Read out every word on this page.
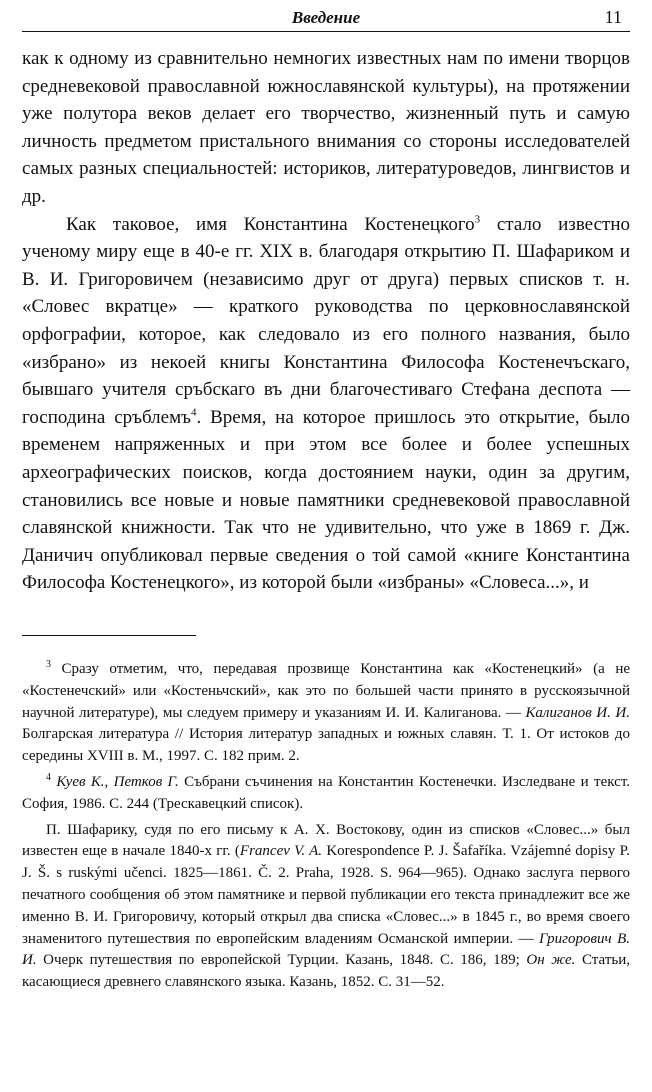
Введение	11

как к одному из сравнительно немногих известных нам по имени творцов средневековой православной южнославянской культуры), на протяжении уже полутора веков делает его творчество, жизненный путь и самую личность предметом пристального внимания со стороны исследователей самых разных специальностей: историков, литературоведов, лингвистов и др.

Как таковое, имя Константина Костенецкого$^3$ стало известно ученому миру еще в 40-е гг. XIX в. благодаря открытию П. Шафариком и В. И. Григоровичем (независимо друг от друга) первых списков т. н. «Словес вкратце» — краткого руководства по церковнославянской орфографии, которое, как следовало из его полного названия, было «избрано» из некоей книгы Константина Философа Костенечъскаго, бывшаго учителя сръбскаго въ дни благочестиваго Стефана деспота — господина сръблемъ$^4$. Время, на которое пришлось это открытие, было временем напряженных и при этом все более и более успешных археографических поисков, когда достоянием науки, один за другим, становились все новые и новые памятники средневековой православной славянской книжности. Так что не удивительно, что уже в 1869 г. Дж. Даничич опубликовал первые сведения о той самой «книге Константина Философа Костенецкого», из которой были «избраны» «Словеса...», и

$^3$ Сразу отметим, что, передавая прозвище Константина как «Костенецкий» (а не «Костенечский» или «Костеньчский», как это по большей части принято в русскоязычной научной литературе), мы следуем примеру и указаниям И. И. Калиганова. — Калиганов И. И. Болгарская литература // История литератур западных и южных славян. Т. 1. От истоков до середины XVIII в. М., 1997. С. 182 прим. 2.

$^4$ Куев К., Петков Г. Събрани съчинения на Константин Костенечки. Изследване и текст. София, 1986. С. 244 (Трескавецкий список).

П. Шафарику, судя по его письму к А. Х. Востокову, один из списков «Словес...» был известен еще в начале 1840-х гг. (Francev V. A. Korespondence P. J. Šafaříka. Vzájemné dopisy P. J. Š. s ruskými učenci. 1825—1861. Č. 2. Praha, 1928. S. 964—965). Однако заслуга первого печатного сообщения об этом памятнике и первой публикации его текста принадлежит все же именно В. И. Григоровичу, который открыл два списка «Словес...» в 1845 г., во время своего знаменитого путешествия по европейским владениям Османской империи. — Григорович В. И. Очерк путешествия по европейской Турции. Казань, 1848. С. 186, 189; Он же. Статьи, касающиеся древнего славянского языка. Казань, 1852. С. 31—52.
